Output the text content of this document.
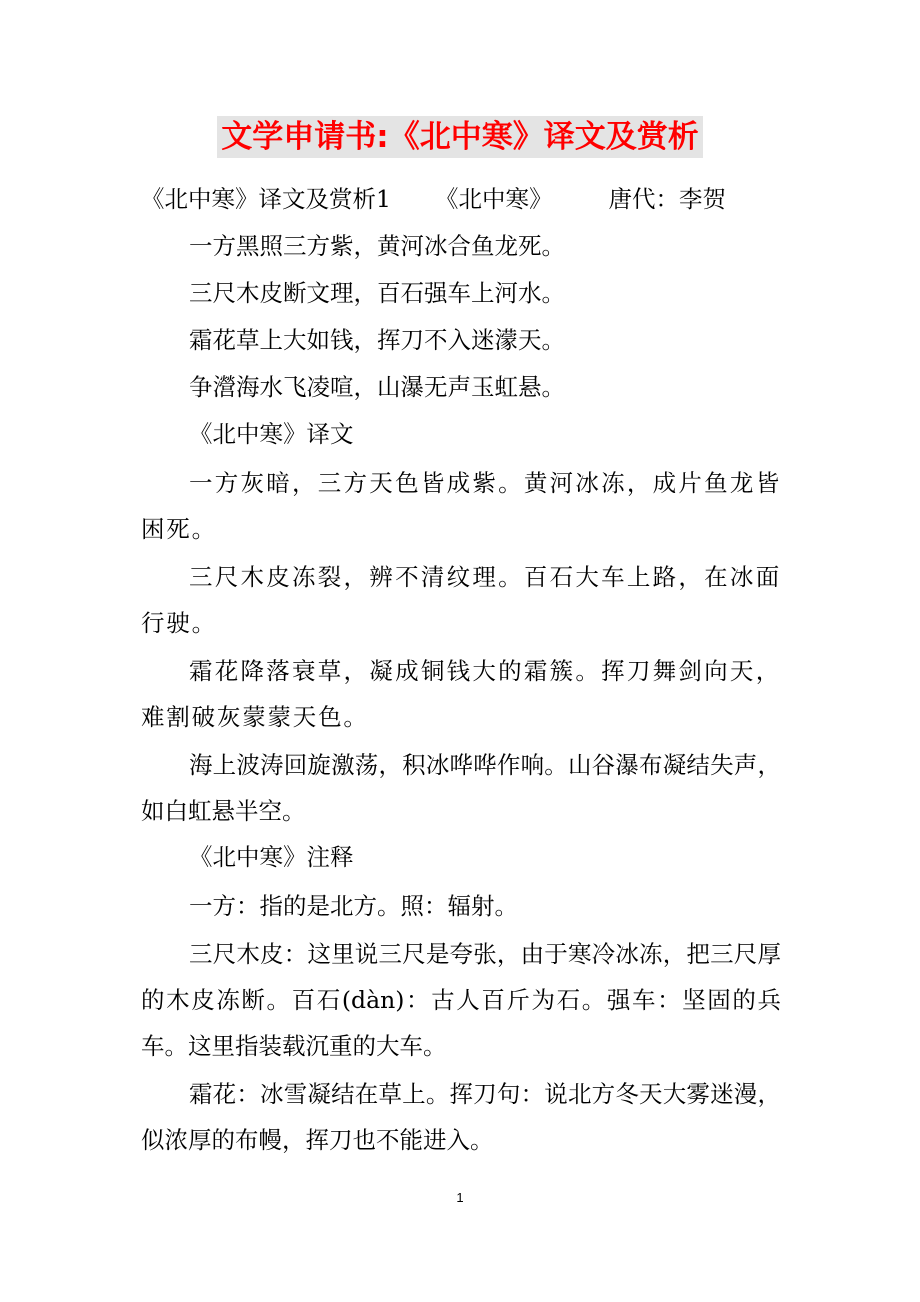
文学申请书:《北中寒》译文及赏析
《北中寒》译文及赏析1 《北中寒》 唐代：李贺
一方黑照三方紫，黄河冰合鱼龙死。
三尺木皮断文理，百石强车上河水。
霜花草上大如钱，挥刀不入迷濛天。
争瀯海水飞凌喧，山瀑无声玉虹悬。
《北中寒》译文
一方灰暗，三方天色皆成紫。黄河冰冻，成片鱼龙皆困死。
三尺木皮冻裂，辨不清纹理。百石大车上路，在冰面行驶。
霜花降落衰草，凝成铜钱大的霜簇。挥刀舞剑向天，难割破灰蒙蒙天色。
海上波涛回旋激荡，积冰哗哗作响。山谷瀑布凝结失声，如白虹悬半空。
《北中寒》注释
一方：指的是北方。照：辐射。
三尺木皮：这里说三尺是夸张，由于寒冷冰冻，把三尺厚的木皮冻断。百石(dàn)：古人百斤为石。强车：坚固的兵车。这里指装载沉重的大车。
霜花：冰雪凝结在草上。挥刀句：说北方冬天大雾迷漫，似浓厚的布幔，挥刀也不能进入。
1
